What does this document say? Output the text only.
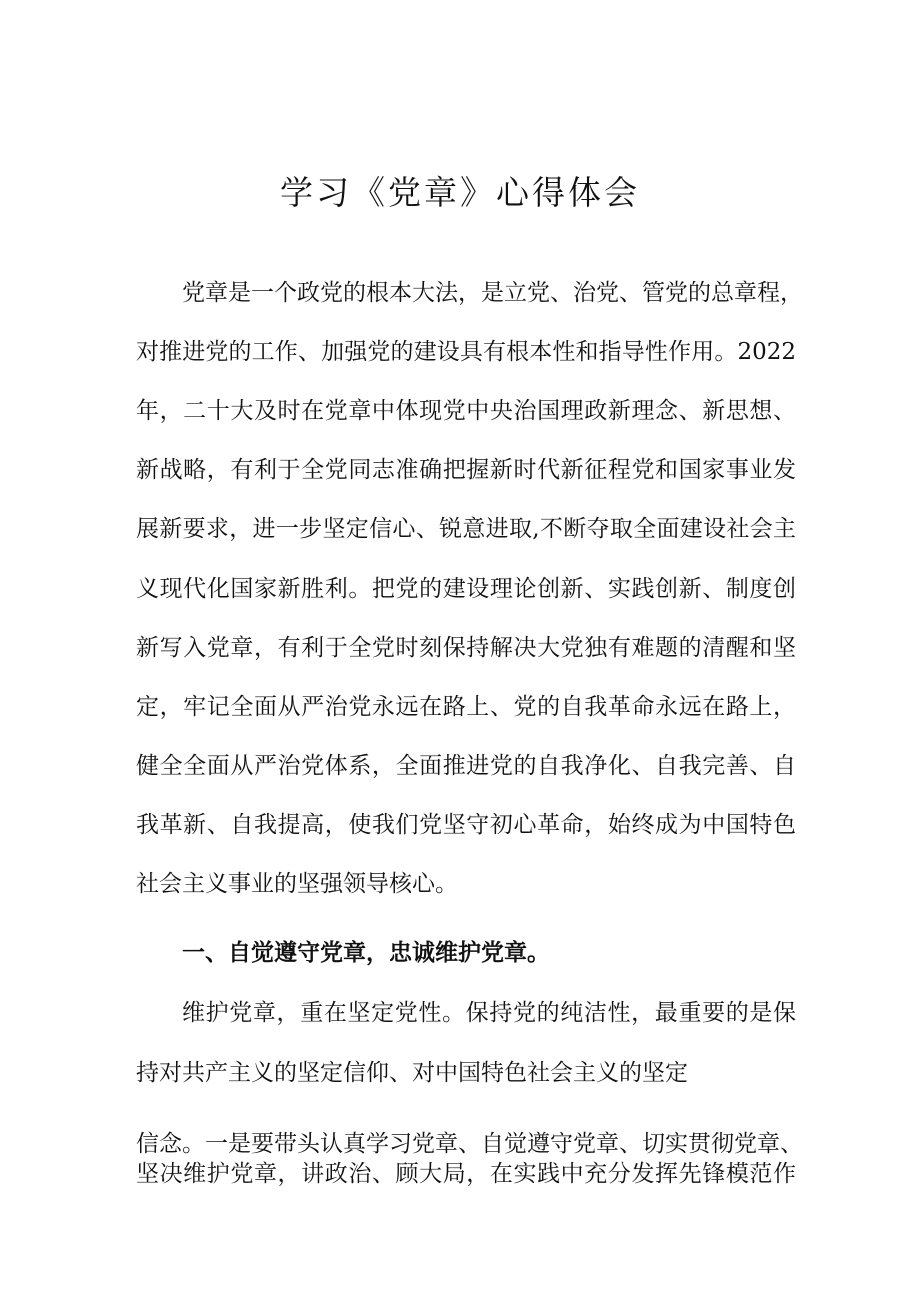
学习《党章》心得体会
党章是一个政党的根本大法，是立党、治党、管党的总章程，
对推进党的工作、加强党的建设具有根本性和指导性作用。2022
年，二十大及时在党章中体现党中央治国理政新理念、新思想、
新战略，有利于全党同志准确把握新时代新征程党和国家事业发
展新要求，进一步坚定信心、锐意进取,不断夺取全面建设社会主
义现代化国家新胜利。把党的建设理论创新、实践创新、制度创
新写入党章，有利于全党时刻保持解决大党独有难题的清醒和坚
定，牢记全面从严治党永远在路上、党的自我革命永远在路上，
健全全面从严治党体系，全面推进党的自我净化、自我完善、自
我革新、自我提高，使我们党坚守初心革命，始终成为中国特色
社会主义事业的坚强领导核心。
一、自觉遵守党章，忠诚维护党章。
维护党章，重在坚定党性。保持党的纯洁性，最重要的是保
持对共产主义的坚定信仰、对中国特色社会主义的坚定
信念。一是要带头认真学习党章、自觉遵守党章、切实贯彻党章、
坚决维护党章，讲政治、顾大局，在实践中充分发挥先锋模范作
